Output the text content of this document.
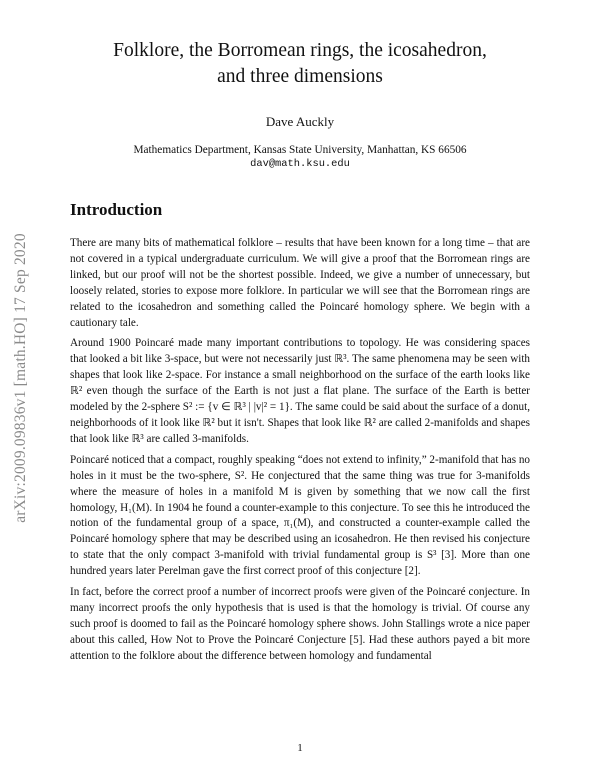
arXiv:2009.09836v1 [math.HO] 17 Sep 2020
Folklore, the Borromean rings, the icosahedron,
and three dimensions
Dave Auckly
Mathematics Department, Kansas State University, Manhattan, KS 66506
dav@math.ksu.edu
Introduction

There are many bits of mathematical folklore – results that have been known for a long time – that are not covered in a typical undergraduate curriculum. We will give a proof that the Borromean rings are linked, but our proof will not be the shortest possible. Indeed, we give a number of unnecessary, but loosely related, stories to expose more folklore. In particular we will see that the Borromean rings are related to the icosahedron and something called the Poincaré homology sphere. We begin with a cautionary tale.

Around 1900 Poincaré made many important contributions to topology. He was considering spaces that looked a bit like 3-space, but were not necessarily just ℝ³. The same phenomena may be seen with shapes that look like 2-space. For instance a small neighborhood on the surface of the earth looks like ℝ² even though the surface of the Earth is not just a flat plane. The surface of the Earth is better modeled by the 2-sphere S² := {v ∈ ℝ³ | |v|² = 1}. The same could be said about the surface of a donut, neighborhoods of it look like ℝ² but it isn't. Shapes that look like ℝ² are called 2-manifolds and shapes that look like ℝ³ are called 3-manifolds.

Poincaré noticed that a compact, roughly speaking “does not extend to infinity,” 2-manifold that has no holes in it must be the two-sphere, S². He conjectured that the same thing was true for 3-manifolds where the measure of holes in a manifold M is given by something that we now call the first homology, H₁(M). In 1904 he found a counter-example to this conjecture. To see this he introduced the notion of the fundamental group of a space, π₁(M), and constructed a counter-example called the Poincaré homology sphere that may be described using an icosahedron. He then revised his conjecture to state that the only compact 3-manifold with trivial fundamental group is S³ [3]. More than one hundred years later Perelman gave the first correct proof of this conjecture [2].

In fact, before the correct proof a number of incorrect proofs were given of the Poincaré conjecture. In many incorrect proofs the only hypothesis that is used is that the homology is trivial. Of course any such proof is doomed to fail as the Poincaré homology sphere shows. John Stallings wrote a nice paper about this called, How Not to Prove the Poincaré Conjecture [5]. Had these authors payed a bit more attention to the folklore about the difference between homology and fundamental

1
